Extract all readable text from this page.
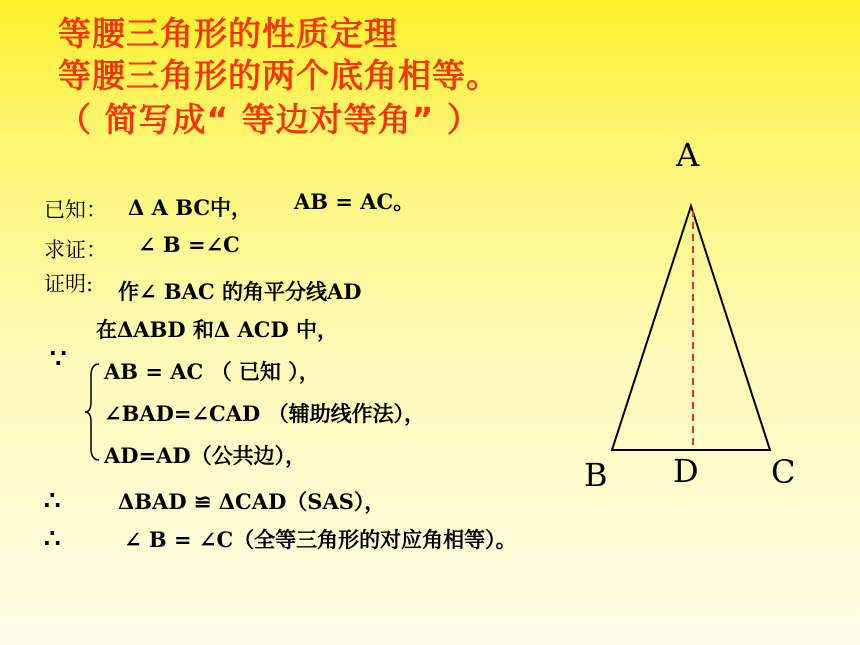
等腰三角形的性质定理
等腰三角形的两个底角相等。
（ 简写成“ 等边对等角” ）
已知： Δ A BC中， AB = AC。
求证： ∠ B =∠C
证明: 作∠ BAC 的角平分线AD
在ΔABD 和Δ ACD 中，
∵ AB = AC （ 已知 ），
∠BAD=∠CAD （辅助线作法），
AD=AD（公共边），
∴	ΔBAD ≌ ΔCAD（SAS），
∴	∠ B = ∠C（全等三角形的对应角相等）。
A
B D C
